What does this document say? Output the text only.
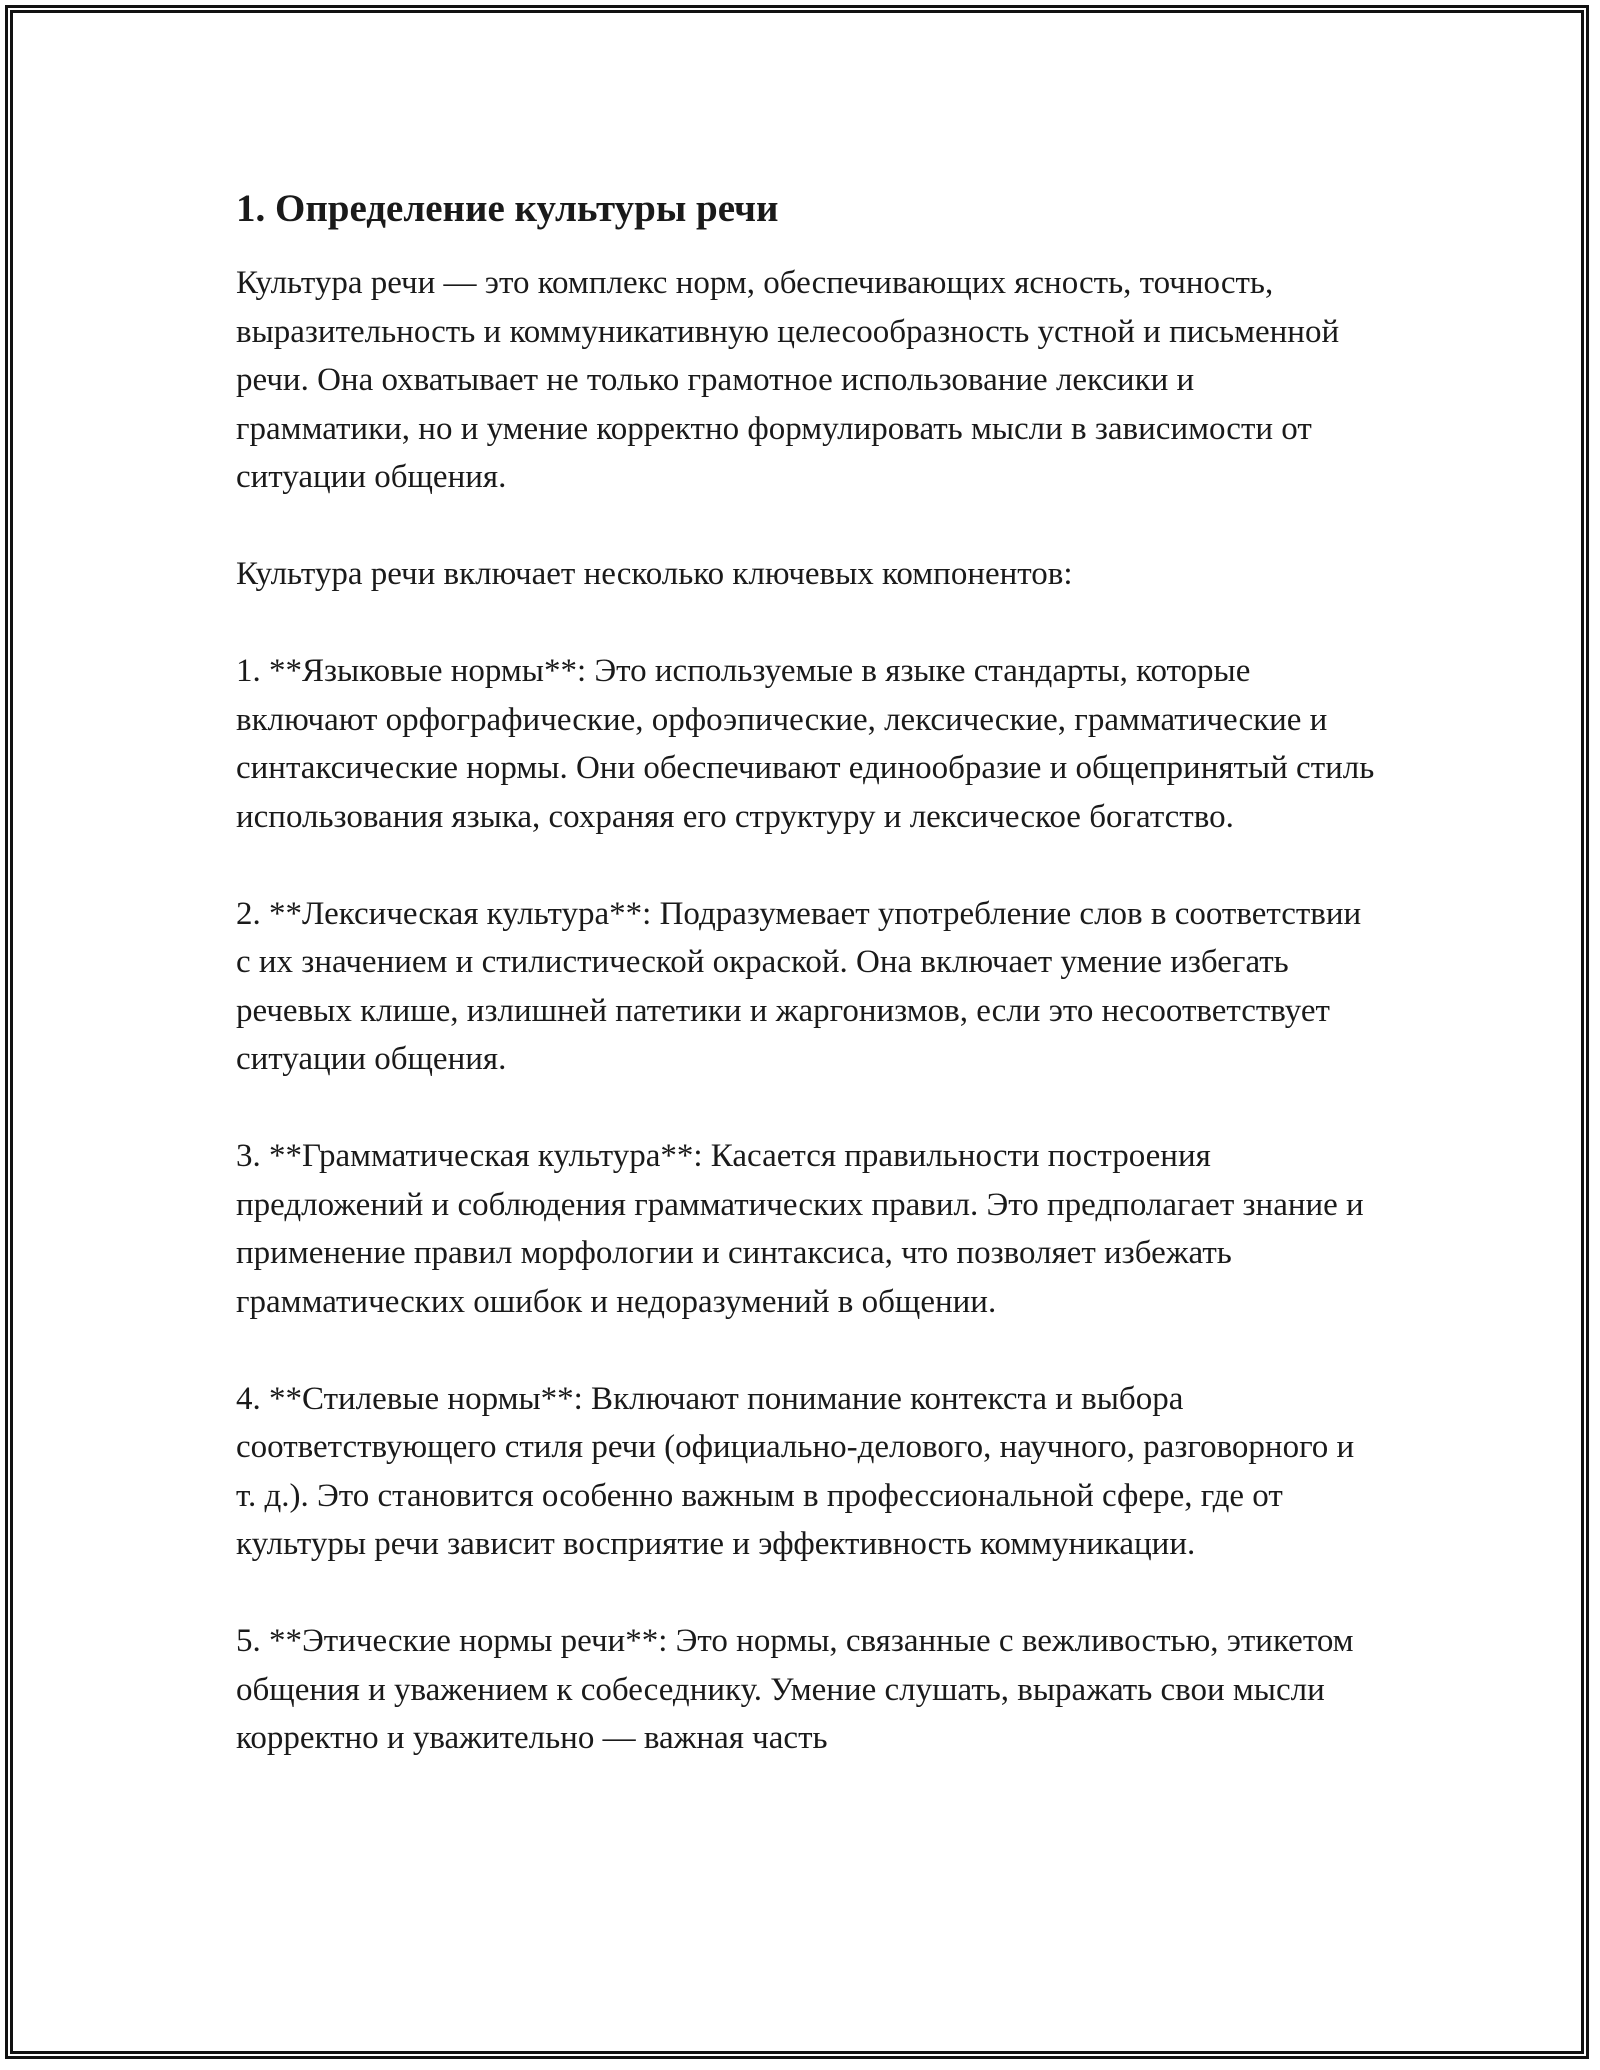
1. Определение культуры речи

Культура речи — это комплекс норм, обеспечивающих ясность, точность, выразительность и коммуникативную целесообразность устной и письменной речи. Она охватывает не только грамотное использование лексики и грамматики, но и умение корректно формулировать мысли в зависимости от ситуации общения.

Культура речи включает несколько ключевых компонентов:

1. **Языковые нормы**: Это используемые в языке стандарты, которые включают орфографические, орфоэпические, лексические, грамматические и синтаксические нормы. Они обеспечивают единообразие и общепринятый стиль использования языка, сохраняя его структуру и лексическое богатство.

2. **Лексическая культура**: Подразумевает употребление слов в соответствии с их значением и стилистической окраской. Она включает умение избегать речевых клише, излишней патетики и жаргонизмов, если это несоответствует ситуации общения.

3. **Грамматическая культура**: Касается правильности построения предложений и соблюдения грамматических правил. Это предполагает знание и применение правил морфологии и синтаксиса, что позволяет избежать грамматических ошибок и недоразумений в общении.

4. **Стилевые нормы**: Включают понимание контекста и выбора соответствующего стиля речи (официально-делового, научного, разговорного и т. д.). Это становится особенно важным в профессиональной сфере, где от культуры речи зависит восприятие и эффективность коммуникации.

5. **Этические нормы речи**: Это нормы, связанные с вежливостью, этикетом общения и уважением к собеседнику. Умение слушать, выражать свои мысли корректно и уважительно — важная часть
